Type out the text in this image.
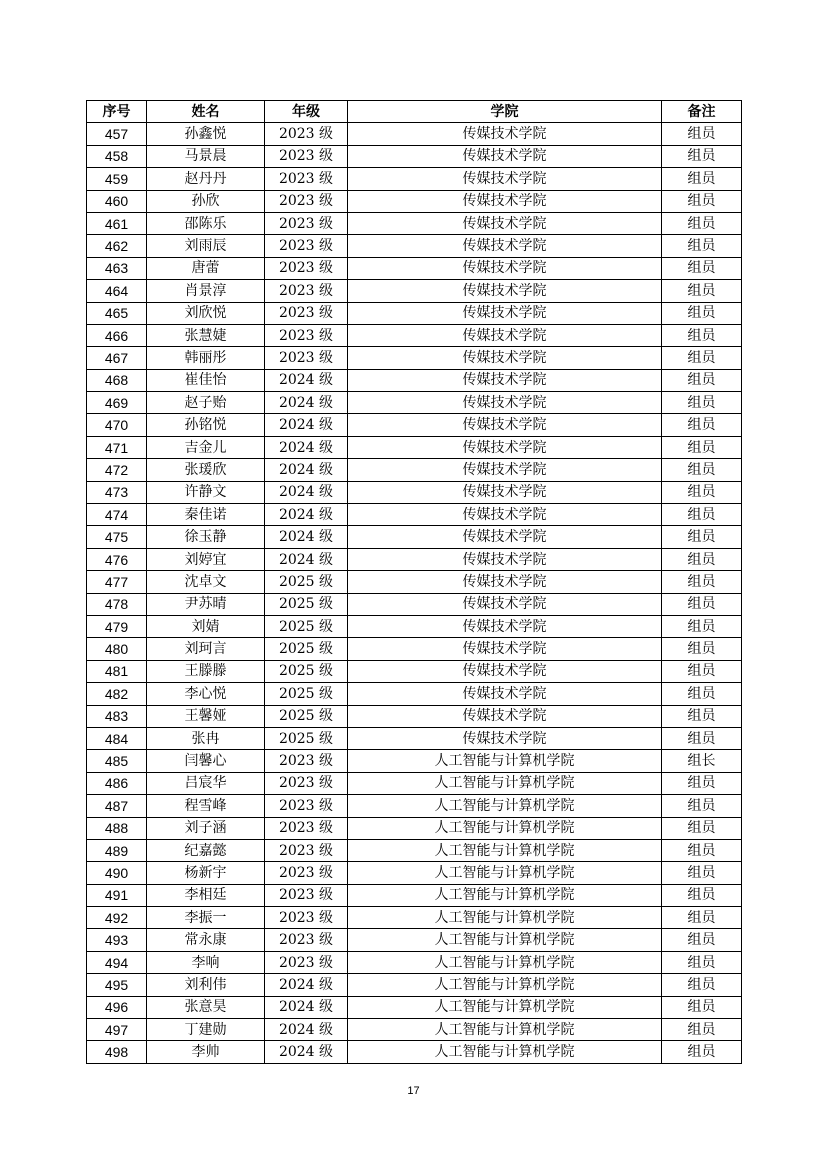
序号	姓名	年级	学院	备注
457	孙鑫悦	2023 级	传媒技术学院	组员
458	马景晨	2023 级	传媒技术学院	组员
459	赵丹丹	2023 级	传媒技术学院	组员
460	孙欣	2023 级	传媒技术学院	组员
461	邵陈乐	2023 级	传媒技术学院	组员
462	刘雨辰	2023 级	传媒技术学院	组员
463	唐蕾	2023 级	传媒技术学院	组员
464	肖景淳	2023 级	传媒技术学院	组员
465	刘欣悦	2023 级	传媒技术学院	组员
466	张慧婕	2023 级	传媒技术学院	组员
467	韩丽彤	2023 级	传媒技术学院	组员
468	崔佳怡	2024 级	传媒技术学院	组员
469	赵子贻	2024 级	传媒技术学院	组员
470	孙铭悦	2024 级	传媒技术学院	组员
471	吉金儿	2024 级	传媒技术学院	组员
472	张瑗欣	2024 级	传媒技术学院	组员
473	许静文	2024 级	传媒技术学院	组员
474	秦佳诺	2024 级	传媒技术学院	组员
475	徐玉静	2024 级	传媒技术学院	组员
476	刘婷宜	2024 级	传媒技术学院	组员
477	沈卓文	2025 级	传媒技术学院	组员
478	尹苏晴	2025 级	传媒技术学院	组员
479	刘婧	2025 级	传媒技术学院	组员
480	刘珂言	2025 级	传媒技术学院	组员
481	王滕滕	2025 级	传媒技术学院	组员
482	李心悦	2025 级	传媒技术学院	组员
483	王馨娅	2025 级	传媒技术学院	组员
484	张冉	2025 级	传媒技术学院	组员
485	闫馨心	2023 级	人工智能与计算机学院	组长
486	吕宸华	2023 级	人工智能与计算机学院	组员
487	程雪峰	2023 级	人工智能与计算机学院	组员
488	刘子涵	2023 级	人工智能与计算机学院	组员
489	纪嘉懿	2023 级	人工智能与计算机学院	组员
490	杨新宇	2023 级	人工智能与计算机学院	组员
491	李相廷	2023 级	人工智能与计算机学院	组员
492	李振一	2023 级	人工智能与计算机学院	组员
493	常永康	2023 级	人工智能与计算机学院	组员
494	李响	2023 级	人工智能与计算机学院	组员
495	刘利伟	2024 级	人工智能与计算机学院	组员
496	张意昊	2024 级	人工智能与计算机学院	组员
497	丁建勋	2024 级	人工智能与计算机学院	组员
498	李帅	2024 级	人工智能与计算机学院	组员
17
